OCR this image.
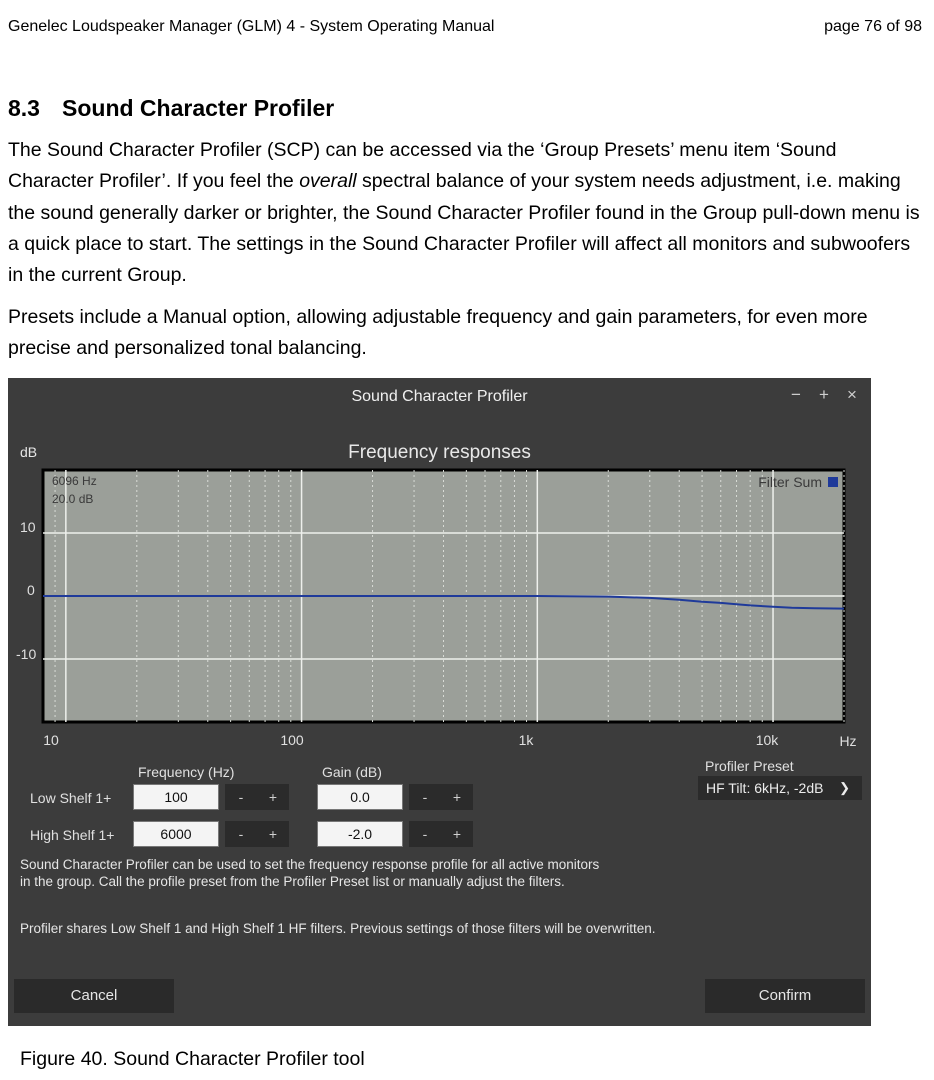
Genelec Loudspeaker Manager (GLM) 4 - System Operating Manual	page 76 of 98
8.3 Sound Character Profiler
The Sound Character Profiler (SCP) can be accessed via the ‘Group Presets’ menu item ‘Sound Character Profiler’. If you feel the overall spectral balance of your system needs adjustment, i.e. making the sound generally darker or brighter, the Sound Character Profiler found in the Group pull-down menu is a quick place to start. The settings in the Sound Character Profiler will affect all monitors and subwoofers in the current Group.
Presets include a Manual option, allowing adjustable frequency and gain parameters, for even more precise and personalized tonal balancing.
Sound Character Profiler	−	+	×
dB	Frequency responses
6096 Hz
20.0 dB
Filter Sum
10
0
-10
10	100	1k	10k	Hz
Frequency (Hz)	Gain (dB)
Low Shelf 1+	100	-	+	0.0	-	+
High Shelf 1+	6000	-	+	-2.0	-	+
Profiler Preset
HF Tilt: 6kHz, -2dB ❯
Sound Character Profiler can be used to set the frequency response profile for all active monitors
in the group. Call the profile preset from the Profiler Preset list or manually adjust the filters.
Profiler shares Low Shelf 1 and High Shelf 1 HF filters. Previous settings of those filters will be overwritten.
Cancel	Confirm
Figure 40. Sound Character Profiler tool
